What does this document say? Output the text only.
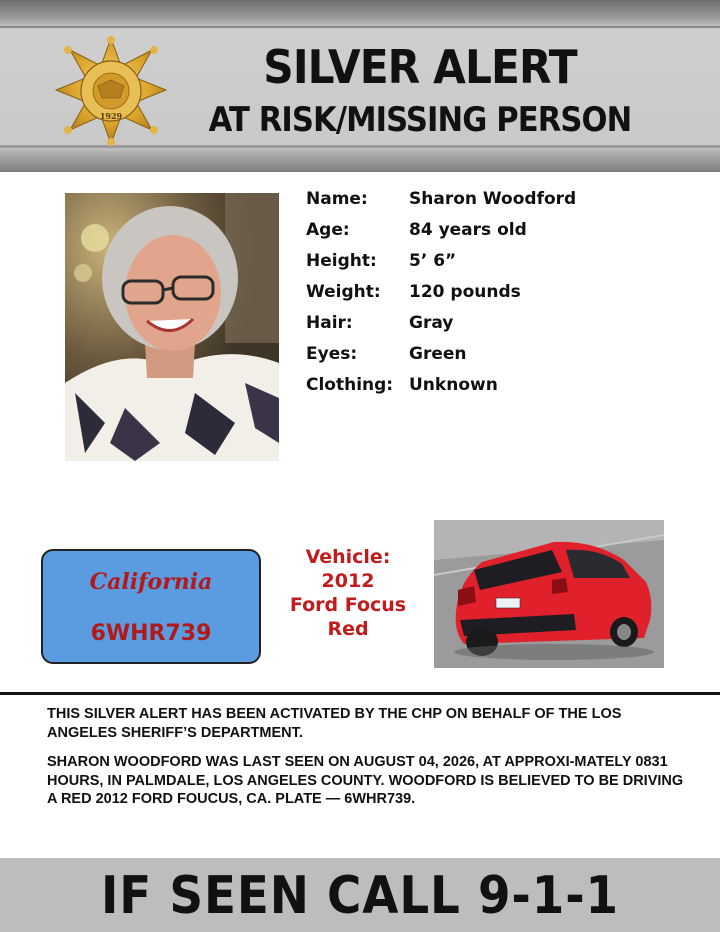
1929
SILVER ALERT
AT RISK/MISSING PERSON
Name:	Sharon Woodford
Age:	84 years old
Height:	5’ 6”
Weight:	120 pounds
Hair:	Gray
Eyes:	Green
Clothing: Unknown
California
6WHR739
Vehicle:
2012
Ford Focus
Red
THIS SILVER ALERT HAS BEEN ACTIVATED BY THE CHP ON BEHALF OF THE LOS ANGELES SHERIFF’S DEPARTMENT.
SHARON WOODFORD WAS LAST SEEN ON AUGUST 04, 2026, AT APPROXI-MATELY 0831 HOURS, IN PALMDALE, LOS ANGELES COUNTY. WOODFORD IS BELIEVED TO BE DRIVING A RED 2012 FORD FOUCUS, CA. PLATE — 6WHR739.
IF SEEN CALL 9-1-1
